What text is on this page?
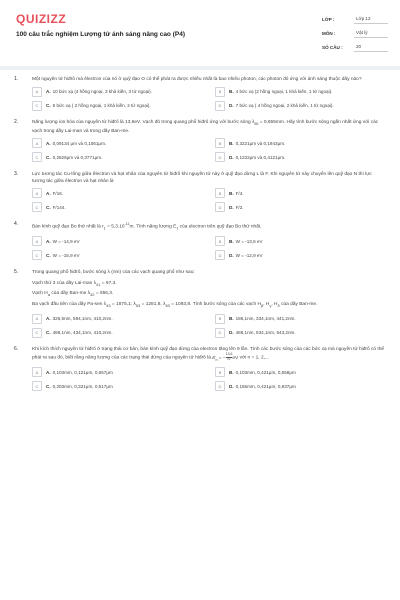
QUIZIZZ
100 câu trắc nghiệm Lượng tử ánh sáng nâng cao (P4)
LỚP :	Lớp 12
MÔN :	Vật lý
SỐ CÂU :	20
1.	Một nguyên tử hiđrô mà êlectron của nó ở quỹ đạo O có thể phát ra được nhiều nhất là bao nhiêu photon, các photon đó ứng với ánh sáng thuộc dãy nào?
A	A. 10 bức xạ (4 hồng ngoại, 3 khả kiến, 3 tử ngoại).	B	B. 4 bức xạ (2 hồng ngoại, 1 khả kiến, 1 tử ngoại).
C	C. 5 bức xạ ( 2 hồng ngoại, 1 khả kiến, 2 tử ngoại).	D	D. 7 bức xạ ( 4 hồng ngoại, 2 khả kiến, 1 tử ngoại).
2.	Năng lượng ion hóa của nguyên tử hiđrô là 13,6eV. Vạch đỏ trong quang phổ hiđrô ứng với bước sóng $\lambda_{đỏ} = 0,655mm$. Hãy tính bước sóng ngắn nhất ứng với các vạch trong dãy Lai-man và trong dãy Ban-me.
A	A. 0,09134 μm và 0,1061μm.	B	B. 0,3221μm và 0,1943μm.
C	C. 0,2626μm và 0,3771μm.	D	D. 0,1232μm và 0,4121μm.
3.	Lực tương tác Cu-lông giữa êlectron và hạt nhân của nguyên tử hiđrô khi nguyên tử này ở quỹ đạo dừng L là F. Khi nguyên tử này chuyển lên quỹ đạo N thì lực tương tác giữa êlectron và hạt nhân là
A	A. F/16.	B	B. F/4.
C	C. F/144.	D	D. F/2.
4.
Bán kính quỹ đạo Bo thứ nhất là $r_1 = 5,3.10^{-11}m$. Tính năng lượng $E_1$ của electron trên quỹ đạo Bo thứ nhất.
A	A. W = -14,9 eV	B	B. W = -13,6 eV
C	C. W = -15,9 eV	D	D. W = -12,9 eV
5.	Trong quang phổ hiđrô, bước sóng λ (nm) của các vạch quang phổ như sau:
Vạch thứ 3 của dãy Lai-man $\lambda_{41} = 97,3$.
Vạch $H_\alpha$ của dãy Ban-me $\lambda_{32} = 656,3$.
Ba vạch đầu tiên của dãy Pa-sen $\lambda_{43} = 1875,1$; $\lambda_{53} = 1281,8$, $\lambda_{63} = 1093,8$. Tính bước sóng của các vạch $H_\beta$, $H_\gamma$, $H_\delta$ của dãy Ban-me.
A	A. 326,5nm, 594,1nm, 410,2nm.	B	B. 186,1nm, 334,1nm, 441,2nm.
C	C. 486,1nm, 434,1nm, 410,2nm.	D	D. 486,1nm, 534,1nm, 643,2nm.
6.	Khi kích thích nguyên tử hiđrô ở trạng thái cơ bản, bán kính quỹ đạo dừng của electron tăng lên 9 lần. Tính các bước sóng của các bức xạ mà nguyên tử hiđrô có thể phát ra sau đó, biết rằng năng lượng của các trạng thái dừng của nguyên tử hiđrô là $E_n$ = − $\frac{13,6}{\text{n²}}$ eV với n = 1, 2,...
A	A. 0,103mm, 0,121μm, 0,657μm	B	B. 0,103mm, 0,421μm, 0,558μm
C	C. 0,203mm, 0,321μm, 0,517μm	D	D. 0,155mm, 0,421μm, 0,837μm
